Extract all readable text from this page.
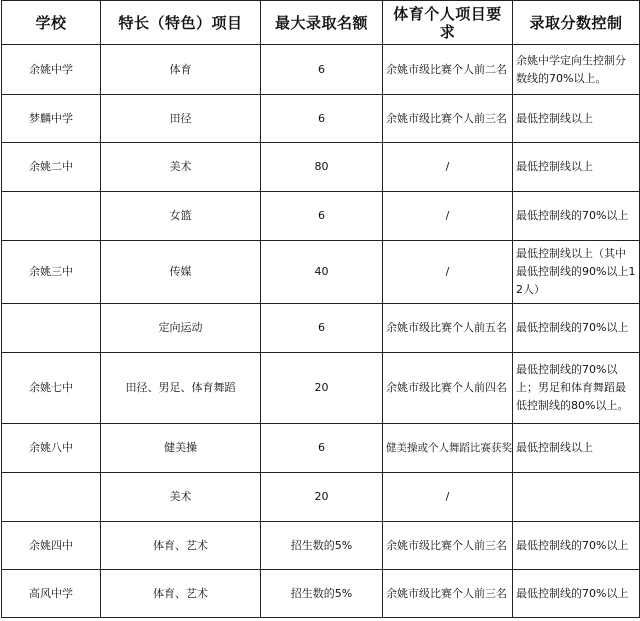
学校	特长（特色）项目	最大录取名额	体育个人项目要求	录取分数控制
余姚中学	体育	6	余姚市级比赛个人前二名	余姚中学定向生控制分数线的70%以上。
梦麟中学	田径	6	余姚市级比赛个人前三名	最低控制线以上
余姚二中	美术	80	/	最低控制线以上
	女篮	6	/	最低控制线的70%以上
余姚三中	传媒	40	/	最低控制线以上（其中最低控制线的90%以上12人）
	定向运动	6	余姚市级比赛个人前五名	最低控制线的70%以上
余姚七中	田径、男足、体育舞蹈	20	余姚市级比赛个人前四名	最低控制线的70%以上；男足和体育舞蹈最低控制线的80%以上。
余姚八中	健美操	6	健美操或个人舞蹈比赛获奖	最低控制线以上
	美术	20	/	
余姚四中	体育、艺术	招生数的5%	余姚市级比赛个人前三名	最低控制线的70%以上
高风中学	体育、艺术	招生数的5%	余姚市级比赛个人前三名	最低控制线的70%以上
